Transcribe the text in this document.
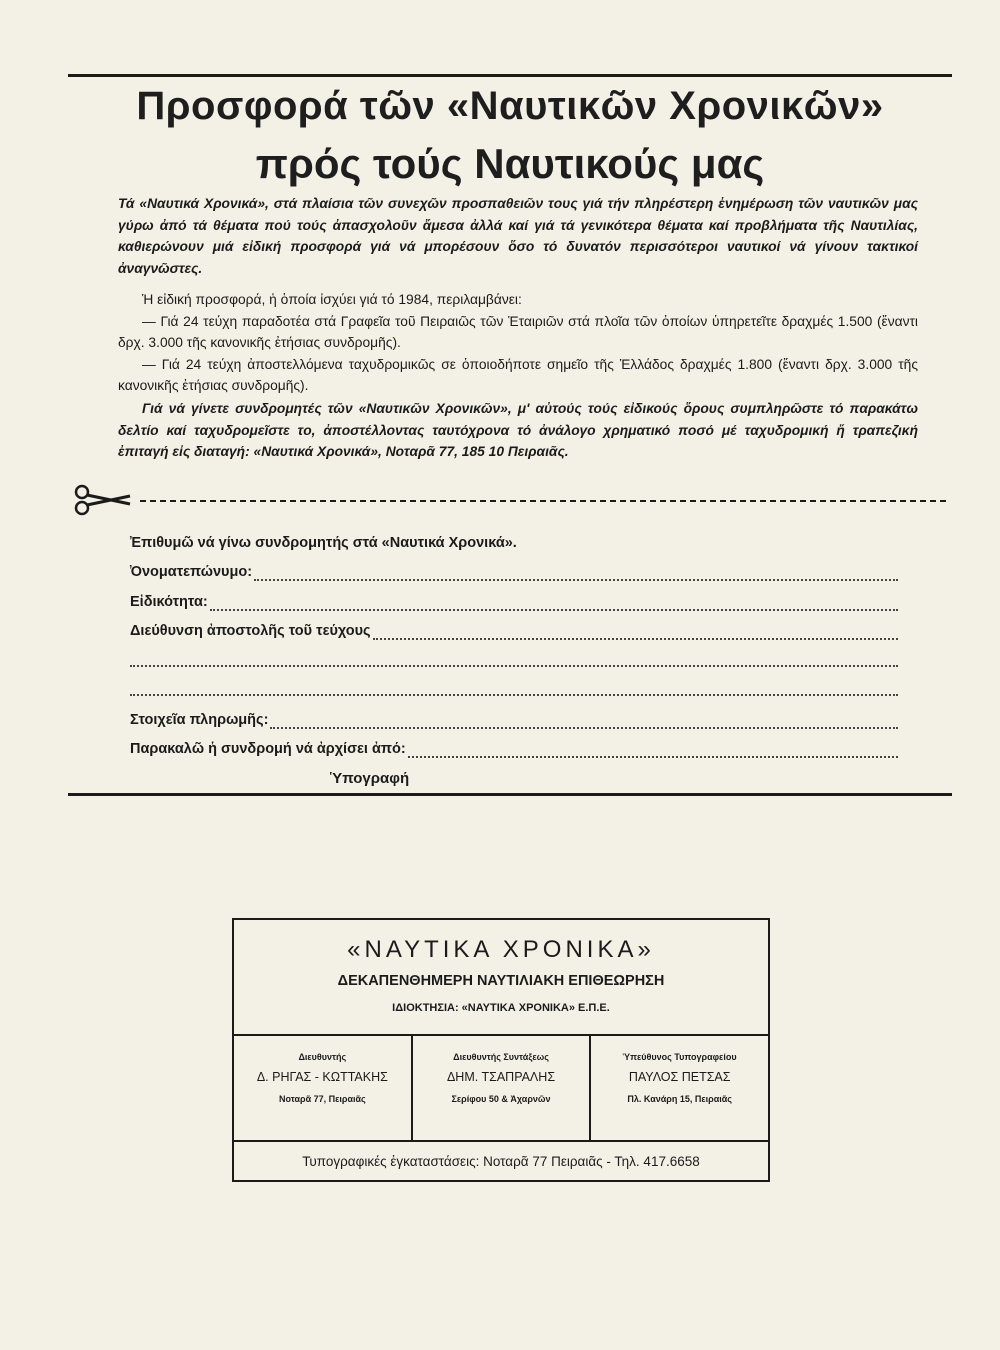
Προσφορά τῶν «Ναυτικῶν Χρονικῶν»
πρός τούς Ναυτικούς μας

Τά «Ναυτικά Χρονικά», στά πλαίσια τῶν συνεχῶν προσπαθειῶν τους γιά τήν πληρέστερη ἐνημέρωση τῶν ναυτικῶν μας γύρω ἀπό τά θέματα πού τούς ἀπασχολοῦν ἄμεσα ἀλλά καί γιά τά γενικότερα θέματα καί προβλήματα τῆς Ναυτιλίας, καθιερώνουν μιά εἰδική προσφορά γιά νά μπορέσουν ὅσο τό δυνατόν περισσότεροι ναυτικοί νά γίνουν τακτικοί ἀναγνῶστες.

Ἡ εἰδική προσφορά, ἡ ὁποία ἰσχύει γιά τό 1984, περιλαμβάνει:

— Γιά 24 τεύχη παραδοτέα στά Γραφεῖα τοῦ Πειραιῶς τῶν Ἑταιριῶν στά πλοῖα τῶν ὁποίων ὑπηρετεῖτε δραχμές 1.500 (ἔναντι δρχ. 3.000 τῆς κανονικῆς ἐτήσιας συνδρομῆς).

— Γιά 24 τεύχη ἀποστελλόμενα ταχυδρομικῶς σε ὁποιοδήποτε σημεῖο τῆς Ἑλλάδος δραχμές 1.800 (ἔναντι δρχ. 3.000 τῆς κανονικῆς ἐτήσιας συνδρομῆς).

Γιά νά γίνετε συνδρομητές τῶν «Ναυτικῶν Χρονικῶν», μ' αὐτούς τούς εἰδικούς ὅρους συμπληρῶστε τό παρακάτω δελτίο καί ταχυδρομεῖστε το, ἀποστέλλοντας ταυτόχρονα τό ἀνάλογο χρηματικό ποσό μέ ταχυδρομική ἤ τραπεζική ἐπιταγή εἰς διαταγή: «Ναυτικά Χρονικά», Νοταρᾶ 77, 185 10 Πειραιᾶς.

Ἐπιθυμῶ νά γίνω συνδρομητής στά «Ναυτικά Χρονικά».
Ὀνοματεπώνυμο:
Εἰδικότητα:
Διεύθυνση ἀποστολῆς τοῦ τεύχους
Στοιχεῖα πληρωμῆς:
Παρακαλῶ ἡ συνδρομή νά ἀρχίσει ἀπό:
Ὑπογραφή
«ΝΑΥΤΙΚΑ ΧΡΟΝΙΚΑ»
ΔΕΚΑΠΕΝΘΗΜΕΡΗ ΝΑΥΤΙΛΙΑΚΗ ΕΠΙΘΕΩΡΗΣΗ
ΙΔΙΟΚΤΗΣΙΑ: «ΝΑΥΤΙΚΑ ΧΡΟΝΙΚΑ» Ε.Π.Ε.
Διευθυντής
Δ. ΡΗΓΑΣ - ΚΩΤΤΑΚΗΣ
Νοταρᾶ 77, Πειραιᾶς
Διευθυντής Συντάξεως
ΔΗΜ. ΤΣΑΠΡΑΛΗΣ
Σερίφου 50 & Ἀχαρνῶν
Ὑπεύθυνος Τυπογραφείου
ΠΑΥΛΟΣ ΠΕΤΣΑΣ
Πλ. Κανάρη 15, Πειραιᾶς
Τυπογραφικές ἐγκαταστάσεις: Νοταρᾶ 77 Πειραιᾶς - Τηλ. 417.6658
